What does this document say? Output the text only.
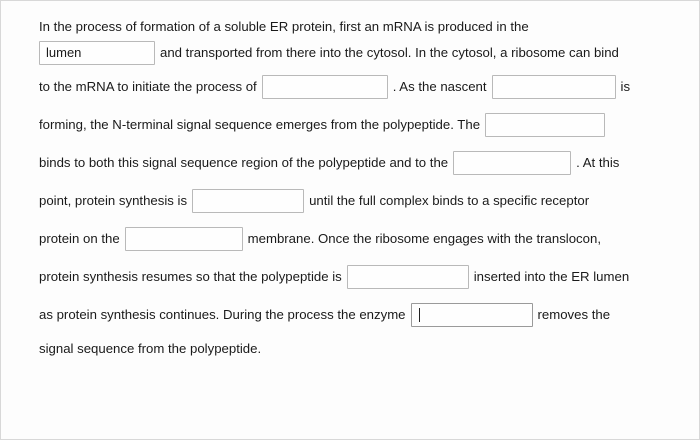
In the process of formation of a soluble ER protein, first an mRNA is produced in the
lumen	and transported from there into the cytosol. In the cytosol, a ribosome can bind
to the mRNA to initiate the process of	. As the nascent	is
forming, the N-terminal signal sequence emerges from the polypeptide. The
binds to both this signal sequence region of the polypeptide and to the	. At this
point, protein synthesis is	until the full complex binds to a specific receptor
protein on the	membrane. Once the ribosome engages with the translocon,
protein synthesis resumes so that the polypeptide is	inserted into the ER lumen
as protein synthesis continues. During the process the enzyme	removes the
signal sequence from the polypeptide.
